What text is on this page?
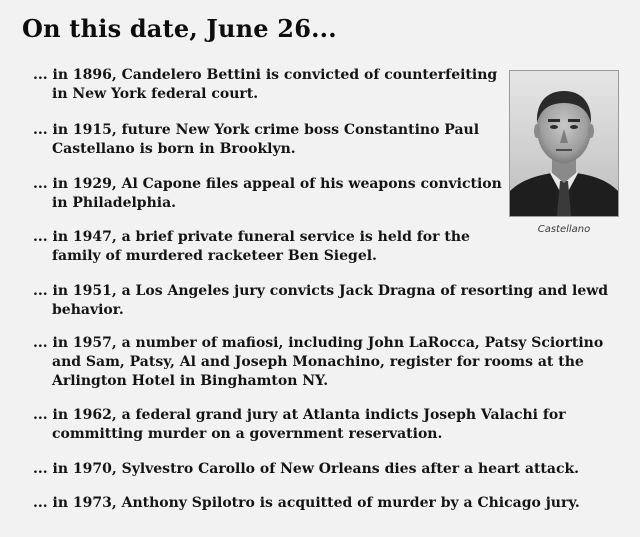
On this date, June 26...
... in 1896, Candelero Bettini is convicted of counterfeiting in New York federal court.
... in 1915, future New York crime boss Constantino Paul Castellano is born in Brooklyn.
... in 1929, Al Capone files appeal of his weapons conviction in Philadelphia.
... in 1947, a brief private funeral service is held for the family of murdered racketeer Ben Siegel.
... in 1951, a Los Angeles jury convicts Jack Dragna of resorting and lewd behavior.
... in 1957, a number of mafiosi, including John LaRocca, Patsy Sciortino and Sam, Patsy, Al and Joseph Monachino, register for rooms at the Arlington Hotel in Binghamton NY.
... in 1962, a federal grand jury at Atlanta indicts Joseph Valachi for committing murder on a government reservation.
... in 1970, Sylvestro Carollo of New Orleans dies after a heart attack.
... in 1973, Anthony Spilotro is acquitted of murder by a Chicago jury.
Castellano
